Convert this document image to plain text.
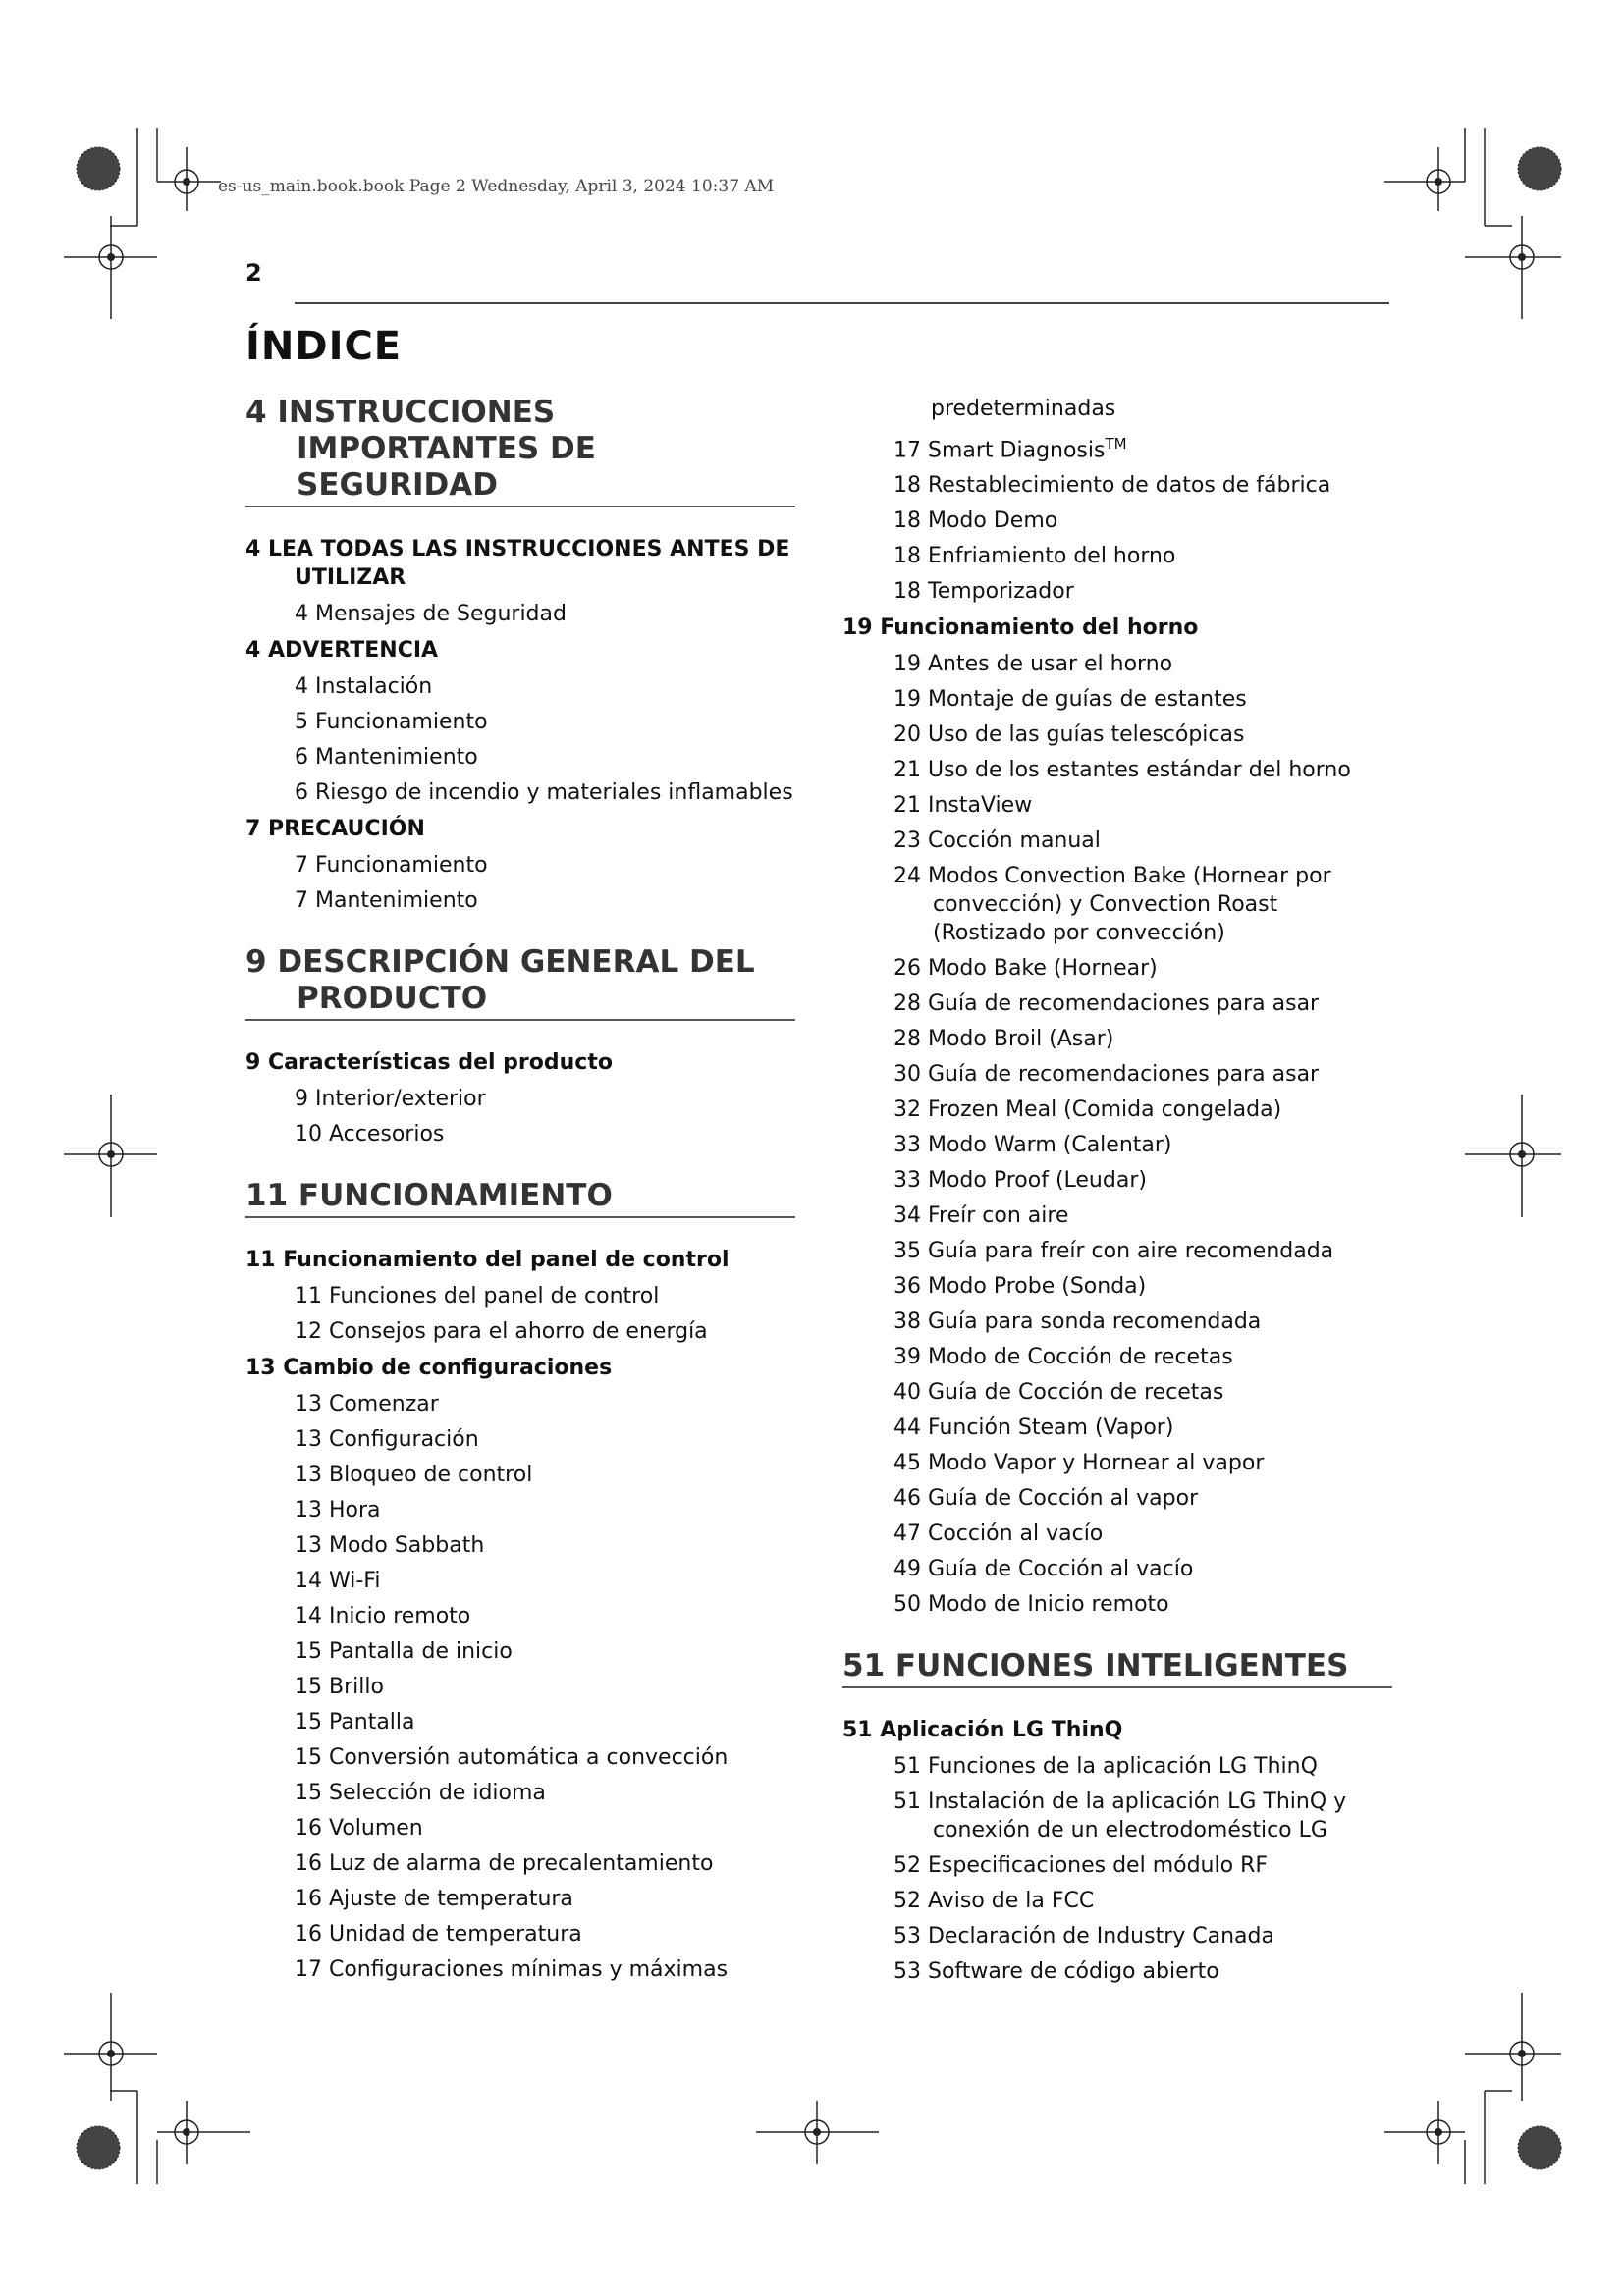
es-us_main.book.book Page 2 Wednesday, April 3, 2024 10:37 AM
2
ÍNDICE
4 INSTRUCCIONES IMPORTANTES DE SEGURIDAD
4 LEA TODAS LAS INSTRUCCIONES ANTES DE UTILIZAR
4 Mensajes de Seguridad
4 ADVERTENCIA
4 Instalación
5 Funcionamiento
6 Mantenimiento
6 Riesgo de incendio y materiales inflamables
7 PRECAUCIÓN
7 Funcionamiento
7 Mantenimiento
9 DESCRIPCIÓN GENERAL DEL PRODUCTO
9 Características del producto
9 Interior/exterior
10 Accesorios
11 FUNCIONAMIENTO
11 Funcionamiento del panel de control
11 Funciones del panel de control
12 Consejos para el ahorro de energía
13 Cambio de configuraciones
13 Comenzar
13 Configuración
13 Bloqueo de control
13 Hora
13 Modo Sabbath
14 Wi-Fi
14 Inicio remoto
15 Pantalla de inicio
15 Brillo
15 Pantalla
15 Conversión automática a convección
15 Selección de idioma
16 Volumen
16 Luz de alarma de precalentamiento
16 Ajuste de temperatura
16 Unidad de temperatura
17 Configuraciones mínimas y máximas
predeterminadas
17 Smart Diagnosis™
18 Restablecimiento de datos de fábrica
18 Modo Demo
18 Enfriamiento del horno
18 Temporizador
19 Funcionamiento del horno
19 Antes de usar el horno
19 Montaje de guías de estantes
20 Uso de las guías telescópicas
21 Uso de los estantes estándar del horno
21 InstaView
23 Cocción manual
24 Modos Convection Bake (Hornear por convección) y Convection Roast (Rostizado por convección)
26 Modo Bake (Hornear)
28 Guía de recomendaciones para asar
28 Modo Broil (Asar)
30 Guía de recomendaciones para asar
32 Frozen Meal (Comida congelada)
33 Modo Warm (Calentar)
33 Modo Proof (Leudar)
34 Freír con aire
35 Guía para freír con aire recomendada
36 Modo Probe (Sonda)
38 Guía para sonda recomendada
39 Modo de Cocción de recetas
40 Guía de Cocción de recetas
44 Función Steam (Vapor)
45 Modo Vapor y Hornear al vapor
46 Guía de Cocción al vapor
47 Cocción al vacío
49 Guía de Cocción al vacío
50 Modo de Inicio remoto
51 FUNCIONES INTELIGENTES
51 Aplicación LG ThinQ
51 Funciones de la aplicación LG ThinQ
51 Instalación de la aplicación LG ThinQ y conexión de un electrodoméstico LG
52 Especificaciones del módulo RF
52 Aviso de la FCC
53 Declaración de Industry Canada
53 Software de código abierto
